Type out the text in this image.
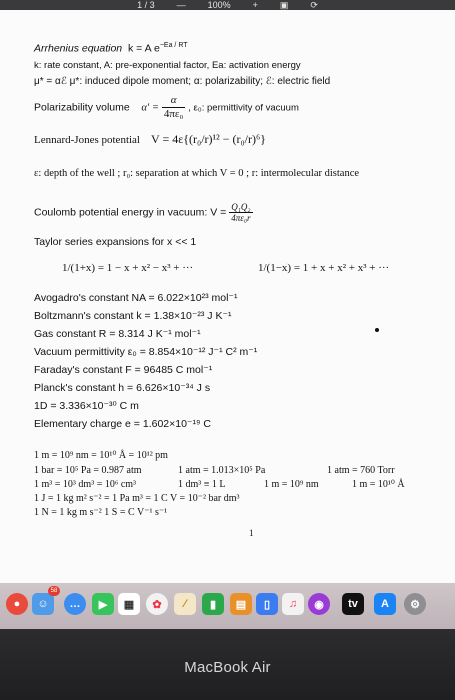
1 / 3 — 100% + ▣ ⟳
Arrhenius equation k = A $e^{-Ea / RT}$
k: rate constant, A: pre-exponential factor, Ea: activation energy
μ* = αℰ μ*: induced dipole moment; α: polarizability; ℰ: electric field
Polarizability volume $\alpha' = \frac{\alpha}{\text{4πε₀}}$ , ε₀: permittivity of vacuum
Lennard-Jones potential V = 4ε{(r₀/r)¹² − (r₀/r)⁶}
ε: depth of the well ; r₀: separation at which V = 0 ; r: intermolecular distance
Coulomb potential energy in vacuum: $V = \frac{\text{Q₁Q₂}}{\text{4πε₀r}}$
Taylor series expansions for x << 1
1/(1+x) = 1 − x + x² − x³ + ···	1/(1−x) = 1 + x + x² + x³ + ···
Avogadro's constant NA = 6.022×10²³ mol⁻¹
Boltzmann's constant k = 1.38×10⁻²³ J K⁻¹
Gas constant R = 8.314 J K⁻¹ mol⁻¹
Vacuum permittivity ε₀ = 8.854×10⁻¹² J⁻¹ C² m⁻¹
Faraday's constant F = 96485 C mol⁻¹
Planck's constant h = 6.626×10⁻³⁴ J s
1D = 3.336×10⁻³⁰ C m
Elementary charge e = 1.602×10⁻¹⁹ C
1 m = 10⁹ nm = 10¹⁰ Å = 10¹² pm
1 bar = 10⁵ Pa = 0.987 atm	1 atm = 1.013×10⁵ Pa	1 atm = 760 Torr
1 m³ = 10³ dm³ = 10⁶ cm³	1 dm³ ≡ 1 L	1 m = 10⁹ nm	1 m = 10¹⁰ Å
1 J = 1 kg m² s⁻² = 1 Pa m³ = 1 C V = 10⁻² bar dm³
1 N = 1 kg m s⁻² 1 S = C V⁻¹ s⁻¹
1
●	☺
58
…	▶	▦	✿	∕	▮	▤	▯	♫	◉	tv	A	⚙
MacBook Air
